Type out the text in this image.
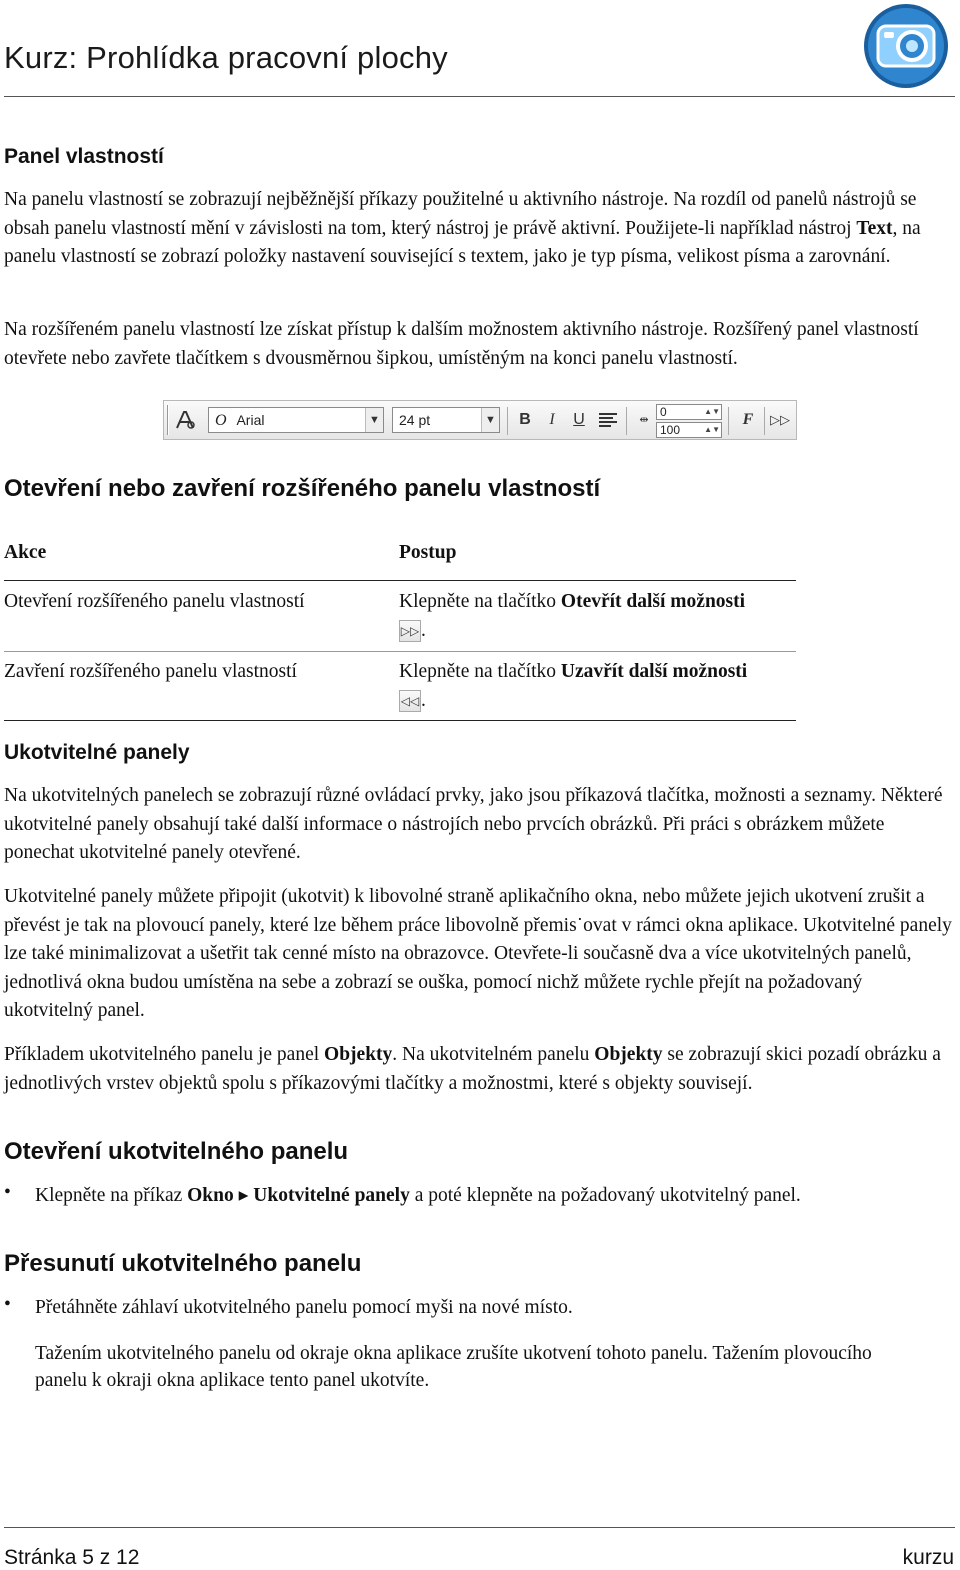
Kurz: Prohlídka pracovní plochy
Panel vlastností
Na panelu vlastností se zobrazují nejběžnější příkazy použitelné u aktivního nástroje. Na rozdíl od panelů nástrojů se obsah panelu vlastností mění v závislosti na tom, který nástroj je právě aktivní. Použijete-li například nástroj Text, na panelu vlastností se zobrazí položky nastavení související s textem, jako je typ písma, velikost písma a zarovnání.
Na rozšířeném panelu vlastností lze získat přístup k dalším možnostem aktivního nástroje. Rozšířený panel vlastností otevřete nebo zavřete tlačítkem s dvousměrnou šipkou, umístěným na konci panelu vlastností.
O Arial	▼	24 pt	▼	B	I	U	⇹
0	▲▼
100	▲▼
F	▷▷
Otevření nebo zavření rozšířeného panelu vlastností
Akce	Postup
Otevření rozšířeného panelu vlastností	Klepněte na tlačítko Otevřít další možnosti
▷▷.
Zavření rozšířeného panelu vlastností	Klepněte na tlačítko Uzavřít další možnosti
◁◁.
Ukotvitelné panely
Na ukotvitelných panelech se zobrazují různé ovládací prvky, jako jsou příkazová tlačítka, možnosti a seznamy. Některé ukotvitelné panely obsahují také další informace o nástrojích nebo prvcích obrázků. Při práci s obrázkem můžete ponechat ukotvitelné panely otevřené.
Ukotvitelné panely můžete připojit (ukotvit) k libovolné straně aplikačního okna, nebo můžete jejich ukotvení zrušit a převést je tak na plovoucí panely, které lze během práce libovolně přemis˙ovat v rámci okna aplikace. Ukotvitelné panely lze také minimalizovat a ušetřit tak cenné místo na obrazovce. Otevřete-li současně dva a více ukotvitelných panelů, jednotlivá okna budou umístěna na sebe a zobrazí se ouška, pomocí nichž můžete rychle přejít na požadovaný ukotvitelný panel.
Příkladem ukotvitelného panelu je panel Objekty. Na ukotvitelném panelu Objekty se zobrazují skici pozadí obrázku a jednotlivých vrstev objektů spolu s příkazovými tlačítky a možnostmi, které s objekty souvisejí.
Otevření ukotvitelného panelu
• Klepněte na příkaz Okno ▸ Ukotvitelné panely a poté klepněte na požadovaný ukotvitelný panel.
Přesunutí ukotvitelného panelu
• Přetáhněte záhlaví ukotvitelného panelu pomocí myši na nové místo.
Tažením ukotvitelného panelu od okraje okna aplikace zrušíte ukotvení tohoto panelu. Tažením plovoucího panelu k okraji okna aplikace tento panel ukotvíte.
Stránka 5 z 12	kurzu
